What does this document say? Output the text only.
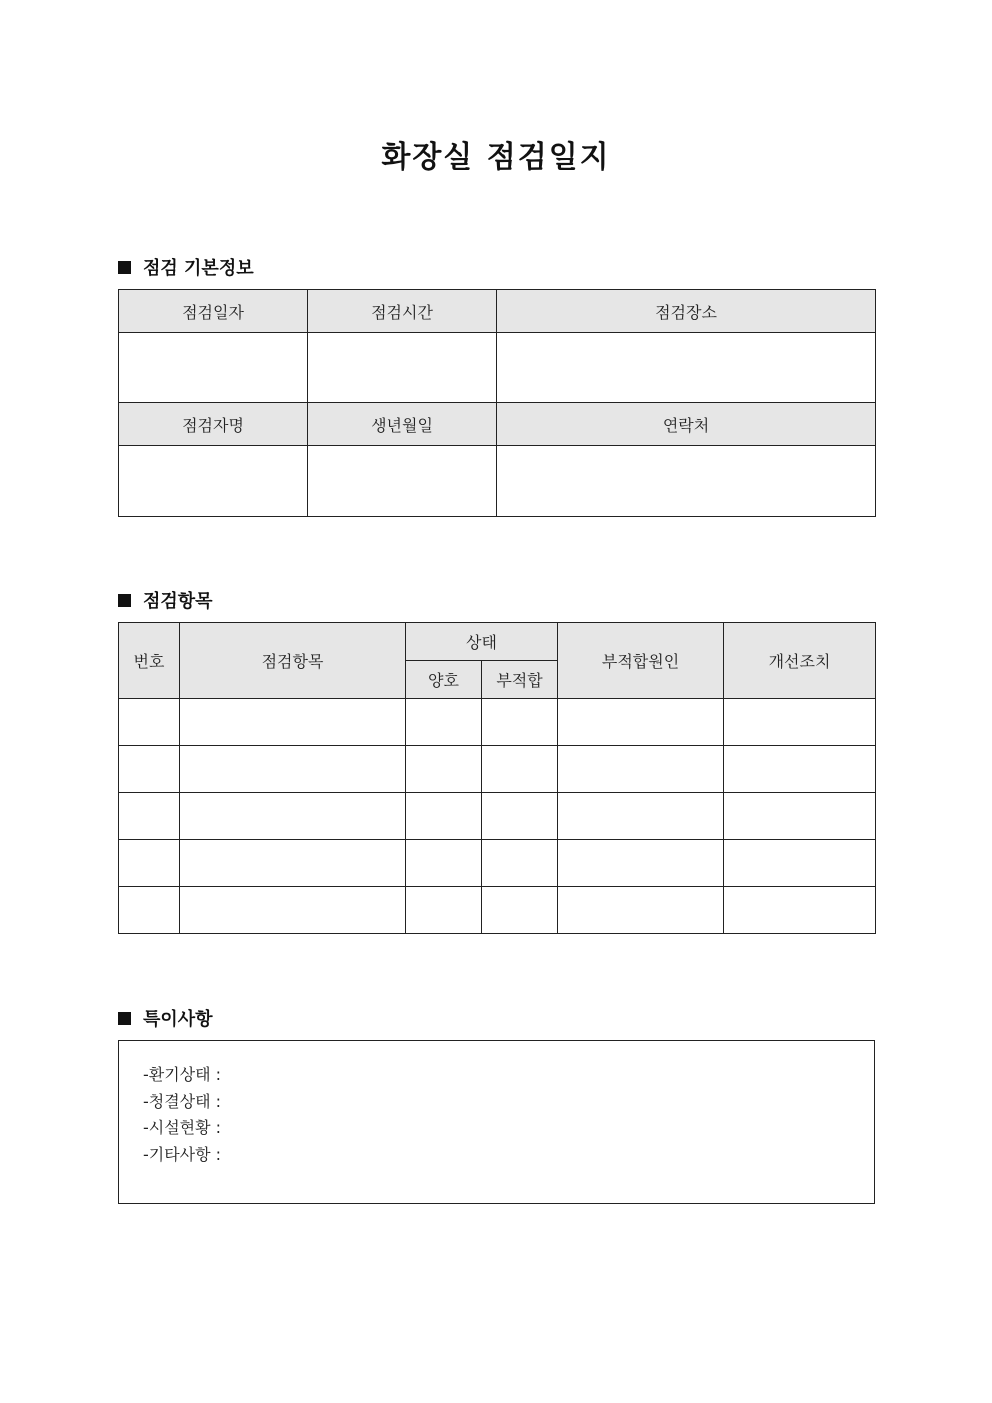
화장실 점검일지
점검 기본정보
점검일자	점검시간	점검장소

점검자명	생년월일	연락처

점검항목
번호	점검항목	상태		부적합원인	개선조치
		양호	부적합		

특이사항
-환기상태 :
-청결상태 :
-시설현황 :
-기타사항 :
